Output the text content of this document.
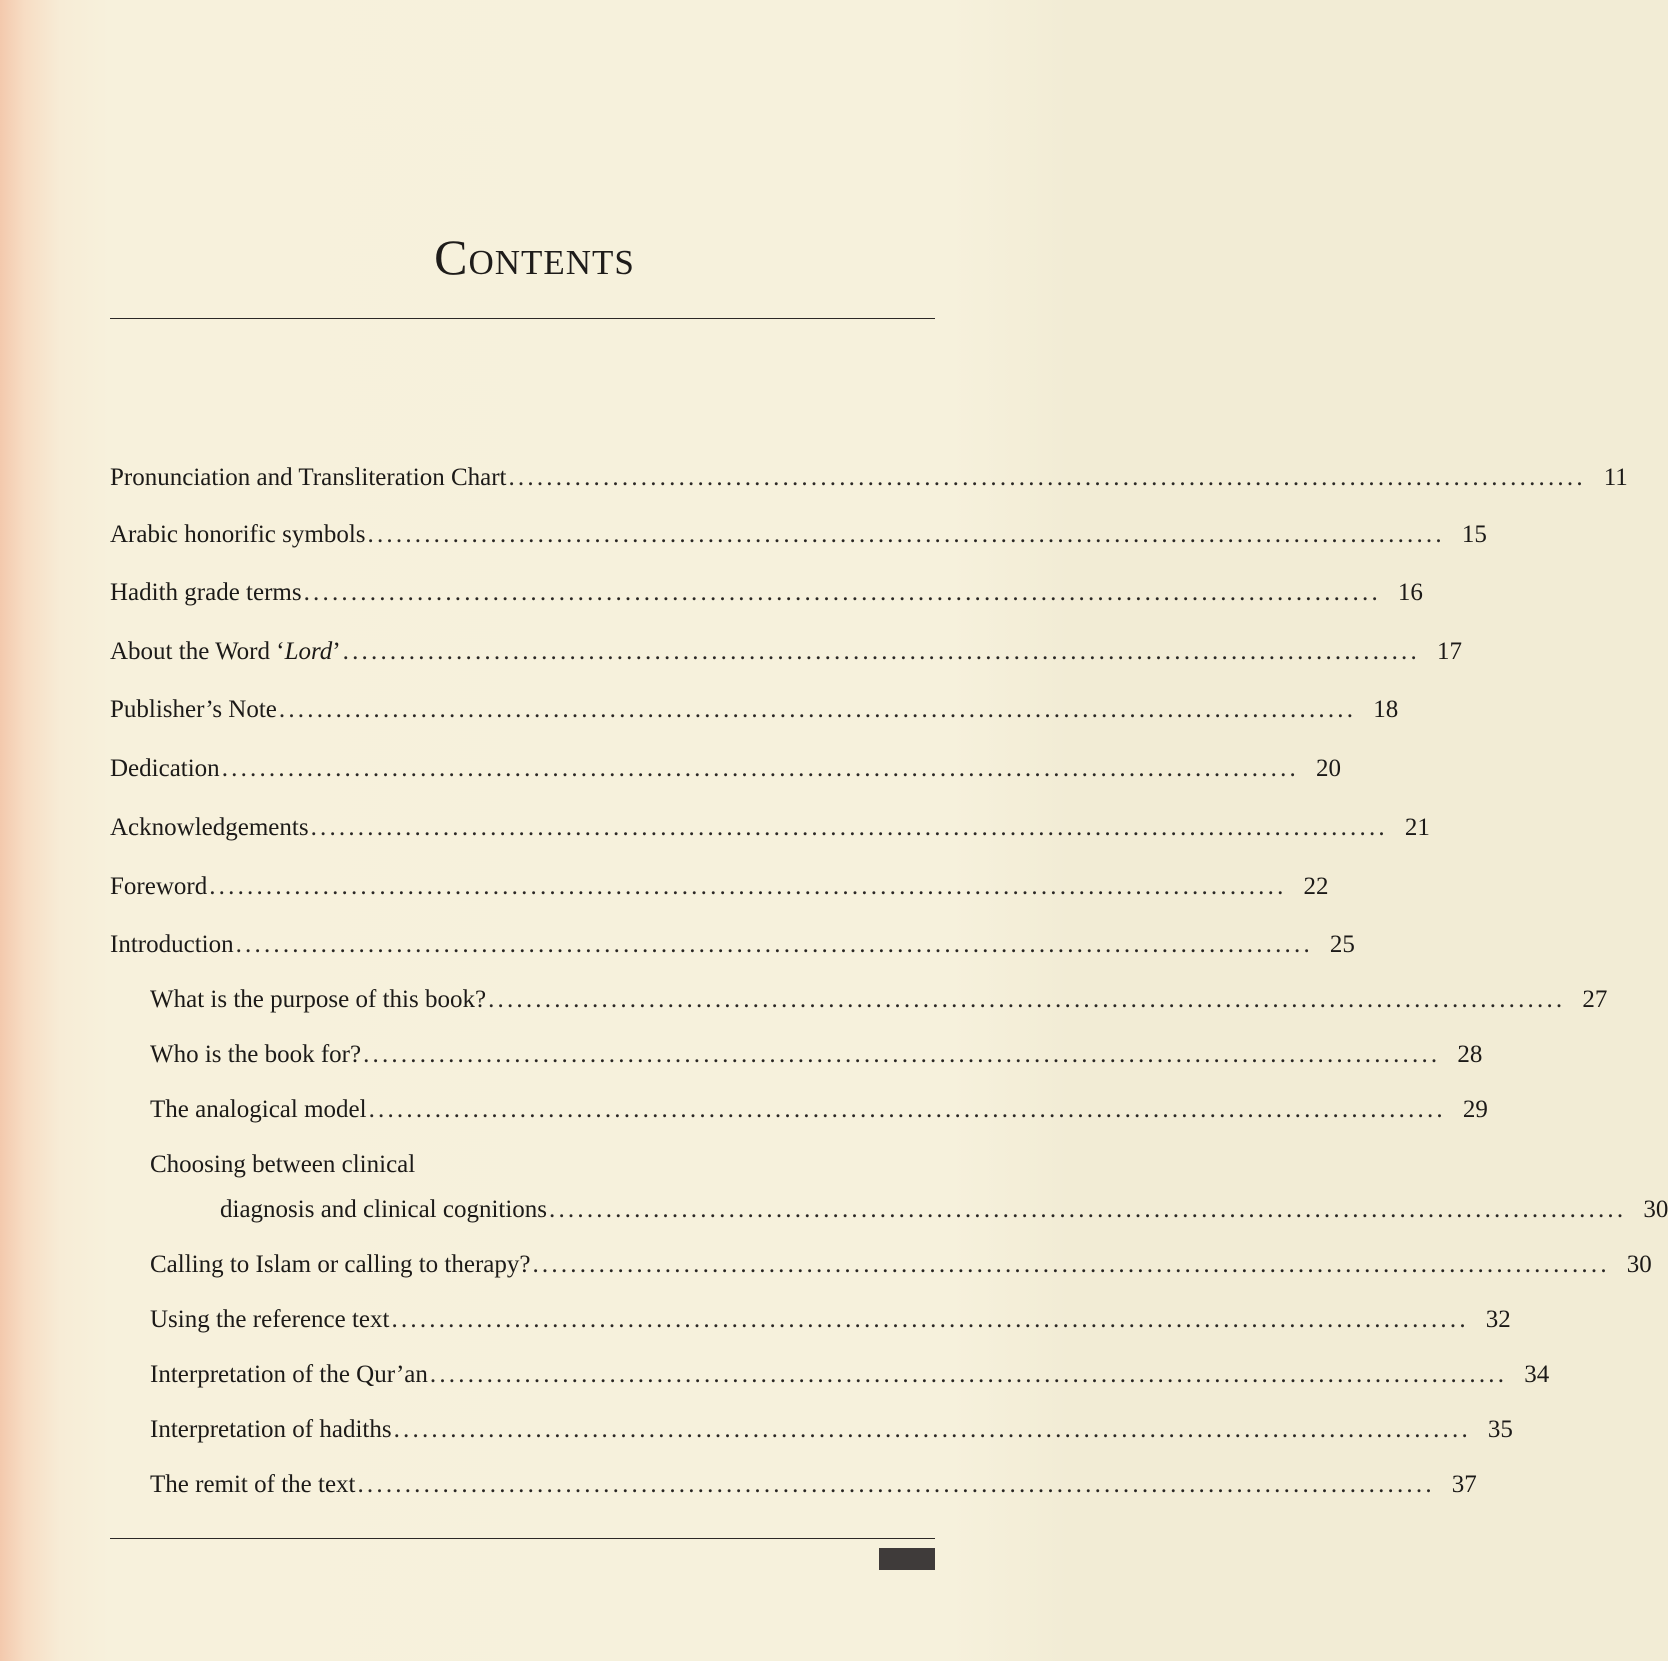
Contents
Pronunciation and Transliteration Chart .................................................................................................................. 11
Arabic honorific symbols .................................................................................................................. 15
Hadith grade terms .................................................................................................................. 16
About the Word ‘Lord’ .................................................................................................................. 17
Publisher’s Note .................................................................................................................. 18
Dedication .................................................................................................................. 20
Acknowledgements .................................................................................................................. 21
Foreword .................................................................................................................. 22
Introduction .................................................................................................................. 25
What is the purpose of this book? .................................................................................................................. 27
Who is the book for? .................................................................................................................. 28
The analogical model .................................................................................................................. 29
Choosing between clinical
diagnosis and clinical cognitions .................................................................................................................. 30
Calling to Islam or calling to therapy? .................................................................................................................. 30
Using the reference text .................................................................................................................. 32
Interpretation of the Qur’an .................................................................................................................. 34
Interpretation of hadiths .................................................................................................................. 35
The remit of the text .................................................................................................................. 37
